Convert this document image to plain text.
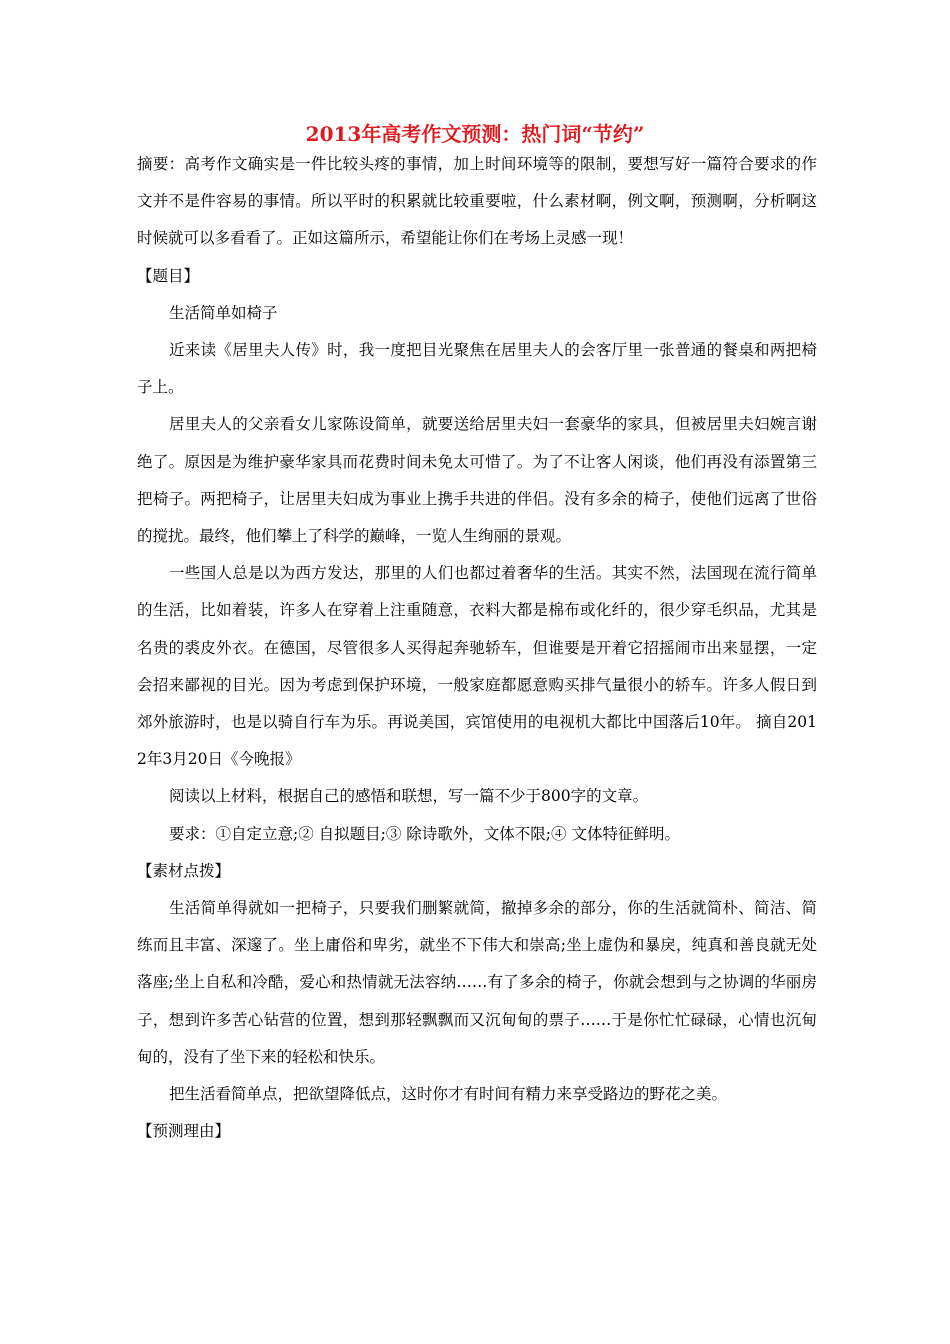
2013年高考作文预测：热门词“节约”

摘要：高考作文确实是一件比较头疼的事情，加上时间环境等的限制，要想写好一篇符合要求的作文并不是件容易的事情。所以平时的积累就比较重要啦，什么素材啊，例文啊，预测啊，分析啊这时候就可以多看看了。正如这篇所示，希望能让你们在考场上灵感一现！

【题目】

生活简单如椅子

近来读《居里夫人传》时，我一度把目光聚焦在居里夫人的会客厅里一张普通的餐桌和两把椅子上。

居里夫人的父亲看女儿家陈设简单，就要送给居里夫妇一套豪华的家具，但被居里夫妇婉言谢绝了。原因是为维护豪华家具而花费时间未免太可惜了。为了不让客人闲谈，他们再没有添置第三把椅子。两把椅子，让居里夫妇成为事业上携手共进的伴侣。没有多余的椅子，使他们远离了世俗的搅扰。最终，他们攀上了科学的巅峰，一览人生绚丽的景观。

一些国人总是以为西方发达，那里的人们也都过着奢华的生活。其实不然，法国现在流行简单的生活，比如着装，许多人在穿着上注重随意，衣料大都是棉布或化纤的，很少穿毛织品，尤其是名贵的裘皮外衣。在德国，尽管很多人买得起奔驰轿车，但谁要是开着它招摇闹市出来显摆，一定会招来鄙视的目光。因为考虑到保护环境，一般家庭都愿意购买排气量很小的轿车。许多人假日到郊外旅游时，也是以骑自行车为乐。再说美国，宾馆使用的电视机大都比中国落后10年。 摘自2012年3月20日《今晚报》

阅读以上材料，根据自己的感悟和联想，写一篇不少于800字的文章。

要求：①自定立意;② 自拟题目;③ 除诗歌外，文体不限;④ 文体特征鲜明。

【素材点拨】

生活简单得就如一把椅子，只要我们删繁就简，撤掉多余的部分，你的生活就简朴、简洁、简练而且丰富、深邃了。坐上庸俗和卑劣，就坐不下伟大和崇高;坐上虚伪和暴戾，纯真和善良就无处落座;坐上自私和冷酷，爱心和热情就无法容纳……有了多余的椅子，你就会想到与之协调的华丽房子，想到许多苦心钻营的位置，想到那轻飘飘而又沉甸甸的票子……于是你忙忙碌碌，心情也沉甸甸的，没有了坐下来的轻松和快乐。

把生活看简单点，把欲望降低点，这时你才有时间有精力来享受路边的野花之美。

【预测理由】
